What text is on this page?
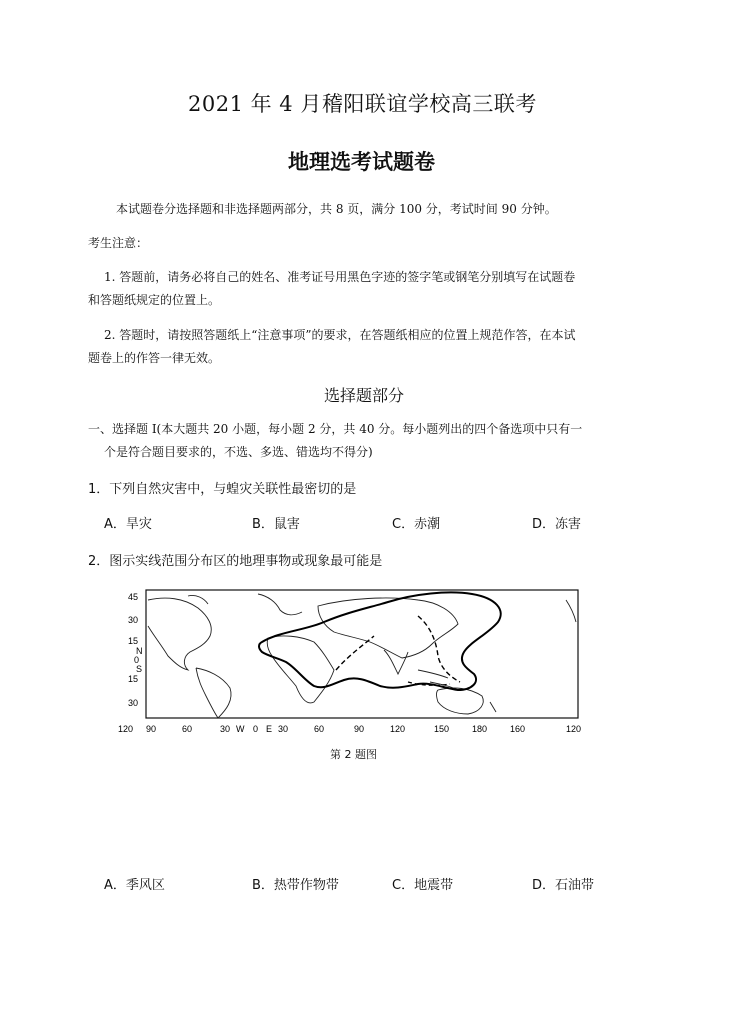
2021 年 4 月稽阳联谊学校高三联考
地理选考试题卷
本试题卷分选择题和非选择题两部分，共 8 页，满分 100 分，考试时间 90 分钟。
考生注意：
1. 答题前，请务必将自己的姓名、准考证号用黑色字迹的签字笔或钢笔分别填写在试题卷
和答题纸规定的位置上。
2. 答题时，请按照答题纸上“注意事项”的要求，在答题纸相应的位置上规范作答，在本试
题卷上的作答一律无效。
选择题部分
一、选择题 I(本大题共 20 小题，每小题 2 分，共 40 分。每小题列出的四个备选项中只有一
个是符合题目要求的，不选、多选、错选均不得分)
1．下列自然灾害中，与蝗灾关联性最密切的是
A．旱灾	B．鼠害	C．赤潮	D．冻害
2．图示实线范围分布区的地理事物或现象最可能是
45
30
15
N
0
S
15
30
120 90	60	30 W 0 E 30	60	90	120	150	180	160	120
第 2 题图
A．季风区	B．热带作物带	C．地震带	D．石油带
